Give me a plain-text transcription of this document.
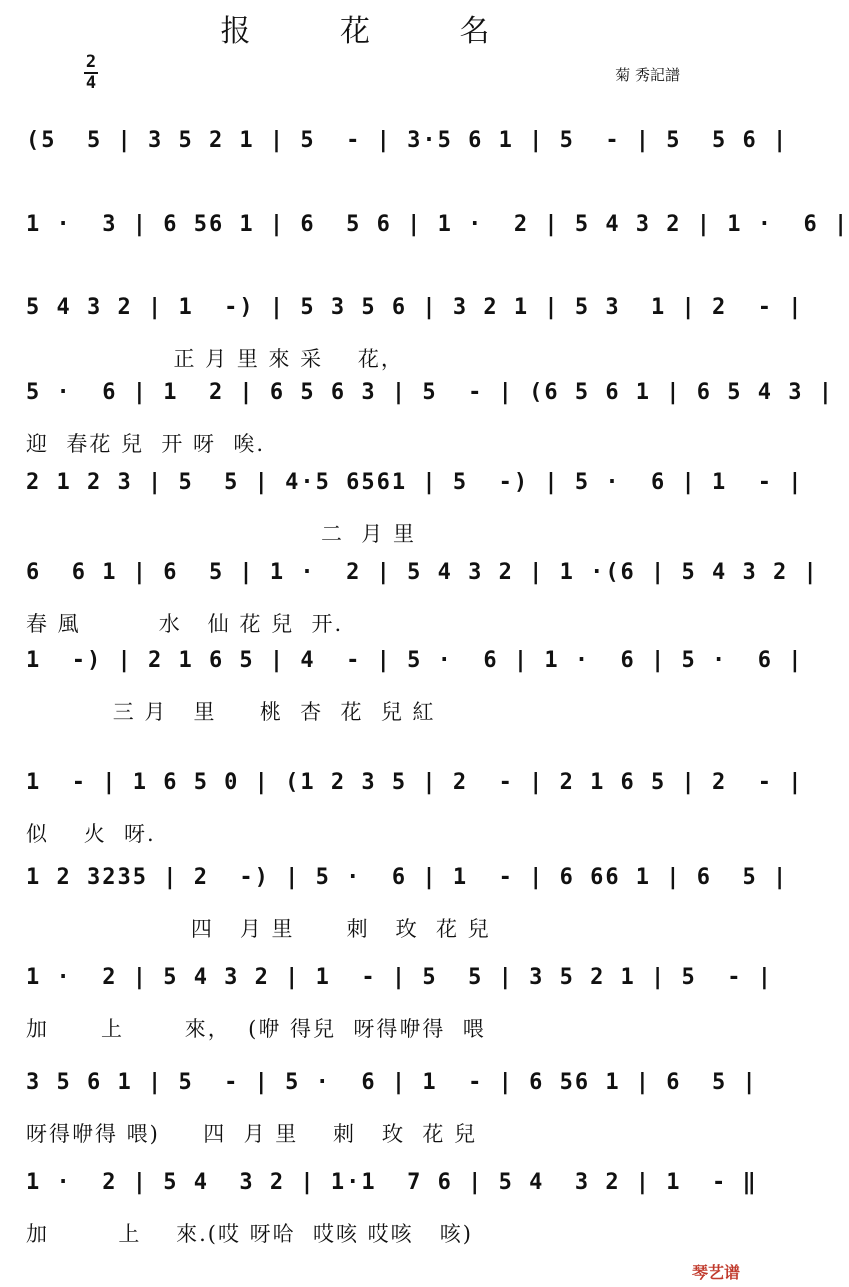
报 花 名
菊 秀記譜
2
4
(5  5 | 3 5 2 1 | 5  - | 3·5 6 1 | 5  - | 5  5 6 |
1 ·  3 | 6 56 1 | 6  5 6 | 1 ·  2 | 5 4 3 2 | 1 ·  6 |
5 4 3 2 | 1  -) | 5 3 5 6 | 3 2 1 | 5 3  1 | 2  - |
正 月 里 來 采    花，
5 ·  6 | 1  2 | 6 5 6 3 | 5  - | (6 5 6 1 | 6 5 4 3 |
迎  春花 兒  开 呀  唉.
2 1 2 3 | 5  5 | 4·5 6561 | 5  -) | 5 ·  6 | 1  - |
二  月 里
6  6 1 | 6  5 | 1 ·  2 | 5 4 3 2 | 1 ·(6 | 5 4 3 2 |
春 風         水   仙 花 兒  开.
1  -) | 2 1 6 5 | 4  - | 5 ·  6 | 1 ·  6 | 5 ·  6 |
三 月   里     桃  杏  花  兒 紅
1  - | 1 6 5 0 | (1 2 3 5 | 2  - | 2 1 6 5 | 2  - |
似    火  呀.
1 2 3235 | 2  -) | 5 ·  6 | 1  - | 6 66 1 | 6  5 |
四   月 里      刺   玫  花 兒
1 ·  2 | 5 4 3 2 | 1  - | 5  5 | 3 5 2 1 | 5  - |
加      上       來，  (咿 得兒  呀得咿得  喂
3 5 6 1 | 5  - | 5 ·  6 | 1  - | 6 56 1 | 6  5 |
呀得咿得 喂)     四  月 里    刺   玫  花 兒
1 ·  2 | 5 4  3 2 | 1·1  7 6 | 5 4  3 2 | 1  - ‖
加        上    來.(哎 呀哈  哎咳 哎咳   咳)
琴艺谱
